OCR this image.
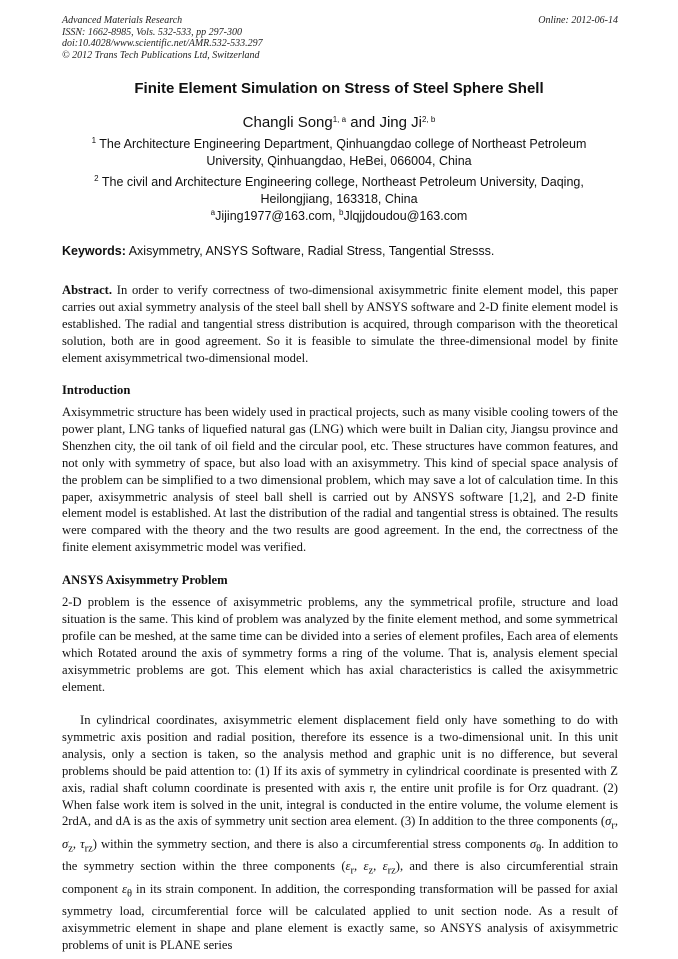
Advanced Materials Research
ISSN: 1662-8985, Vols. 532-533, pp 297-300
doi:10.4028/www.scientific.net/AMR.532-533.297
© 2012 Trans Tech Publications Ltd, Switzerland
Online: 2012-06-14
Finite Element Simulation on Stress of Steel Sphere Shell
Changli Song$^{1, a}$ and Jing Ji$^{2, b}$
$^1$ The Architecture Engineering Department, Qinhuangdao college of Northeast Petroleum University, Qinhuangdao, HeBei, 066004, China
$^2$ The civil and Architecture Engineering college, Northeast Petroleum University, Daqing, Heilongjiang, 163318, China
$^a$Jijing1977@163.com, $^b$Jlqjjdoudou@163.com
Keywords: Axisymmetry, ANSYS Software, Radial Stress, Tangential Stresss.

Abstract. In order to verify correctness of two-dimensional axisymmetric finite element model, this paper carries out axial symmetry analysis of the steel ball shell by ANSYS software and 2-D finite element model is established. The radial and tangential stress distribution is acquired, through comparison with the theoretical solution, both are in good agreement. So it is feasible to simulate the three-dimensional model by finite element axisymmetrical two-dimensional model.

Introduction

Axisymmetric structure has been widely used in practical projects, such as many visible cooling towers of the power plant, LNG tanks of liquefied natural gas (LNG) which were built in Dalian city, Jiangsu province and Shenzhen city, the oil tank of oil field and the circular pool, etc. These structures have common features, and not only with symmetry of space, but also load with an axisymmetry. This kind of special space analysis of the problem can be simplified to a two dimensional problem, which may save a lot of calculation time. In this paper, axisymmetric analysis of steel ball shell is carried out by ANSYS software [1,2], and 2-D finite element model is established. At last the distribution of the radial and tangential stress is obtained. The results were compared with the theory and the two results are good agreement. In the end, the correctness of the finite element axisymmetric model was verified.

ANSYS Axisymmetry Problem

2-D problem is the essence of axisymmetric problems, any the symmetrical profile, structure and load situation is the same. This kind of problem was analyzed by the finite element method, and some symmetrical profile can be meshed, at the same time can be divided into a series of element profiles, Each area of elements which Rotated around the axis of symmetry forms a ring of the volume. That is, analysis element special axisymmetric problems are got. This element which has axial characteristics is called the axisymmetric element.

In cylindrical coordinates, axisymmetric element displacement field only have something to do with symmetric axis position and radial position, therefore its essence is a two-dimensional unit. In this unit analysis, only a section is taken, so the analysis method and graphic unit is no difference, but several problems should be paid attention to: (1) If its axis of symmetry in cylindrical coordinate is presented with Z axis, radial shaft column coordinate is presented with axis r, the entire unit profile is for Orz quadrant. (2) When false work item is solved in the unit, integral is conducted in the entire volume, the volume element is 2rdA, and dA is as the axis of symmetry unit section area element. (3) In addition to the three components ($\sigma_r$, $\sigma_z$, $\tau_{rz}$) within the symmetry section, and there is also a circumferential stress components $\sigma_\theta$. In addition to the symmetry section within the three components ($\varepsilon_r$, $\varepsilon_z$, $\varepsilon_{rz}$), and there is also circumferential strain component $\varepsilon_\theta$ in its strain component. In addition, the corresponding transformation will be passed for axial symmetry load, circumferential force will be calculated applied to unit section node. As a result of axisymmetric element in shape and plane element is exactly same, so ANSYS analysis of axisymmetric problems of unit is PLANE series
